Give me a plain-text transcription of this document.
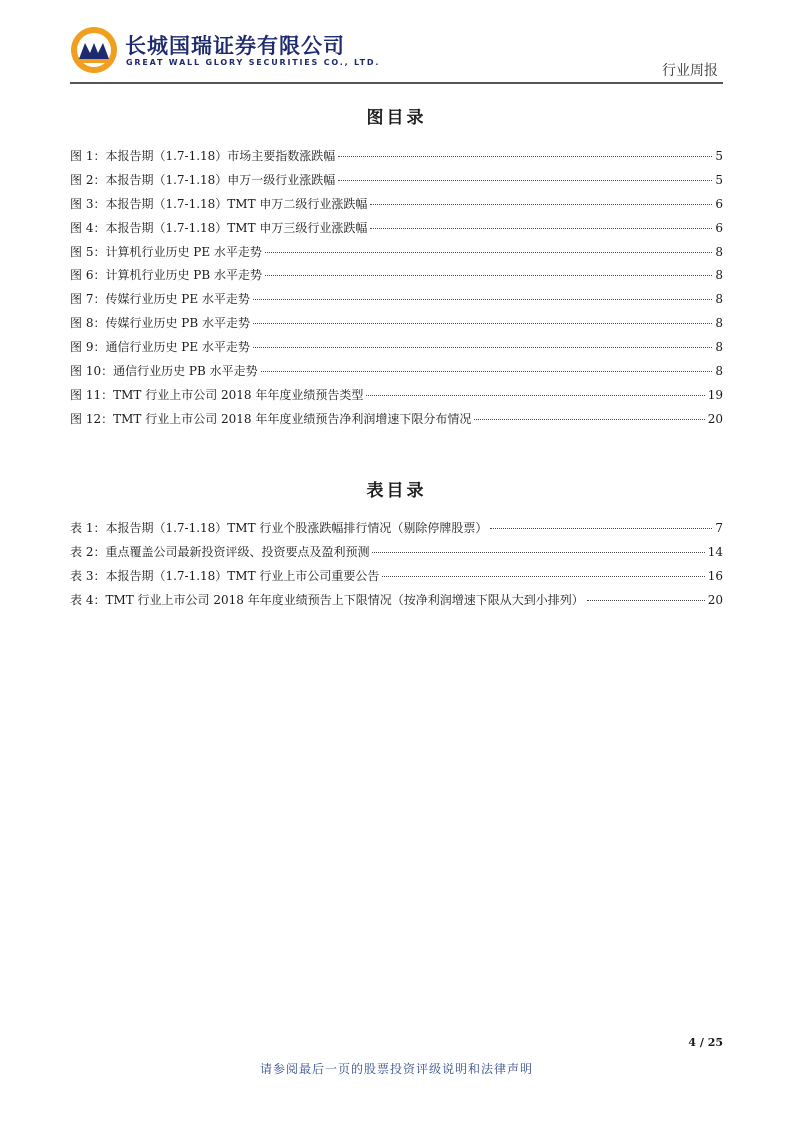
长城国瑞证券有限公司
GREAT WALL GLORY SECURITIES CO., LTD.
行业周报
图目录
图 1：本报告期（1.7-1.18）市场主要指数涨跌幅	5
图 2：本报告期（1.7-1.18）申万一级行业涨跌幅	5
图 3：本报告期（1.7-1.18）TMT 申万二级行业涨跌幅	6
图 4：本报告期（1.7-1.18）TMT 申万三级行业涨跌幅	6
图 5：计算机行业历史 PE 水平走势	8
图 6：计算机行业历史 PB 水平走势	8
图 7：传媒行业历史 PE 水平走势	8
图 8：传媒行业历史 PB 水平走势	8
图 9：通信行业历史 PE 水平走势	8
图 10：通信行业历史 PB 水平走势	8
图 11：TMT 行业上市公司 2018 年年度业绩预告类型	19
图 12：TMT 行业上市公司 2018 年年度业绩预告净利润增速下限分布情况	20
表目录
表 1：本报告期（1.7-1.18）TMT 行业个股涨跌幅排行情况（剔除停牌股票）	7
表 2：重点覆盖公司最新投资评级、投资要点及盈利预测	14
表 3：本报告期（1.7-1.18）TMT 行业上市公司重要公告	16
表 4：TMT 行业上市公司 2018 年年度业绩预告上下限情况（按净利润增速下限从大到小排列）	20
4 / 25
请参阅最后一页的股票投资评级说明和法律声明
